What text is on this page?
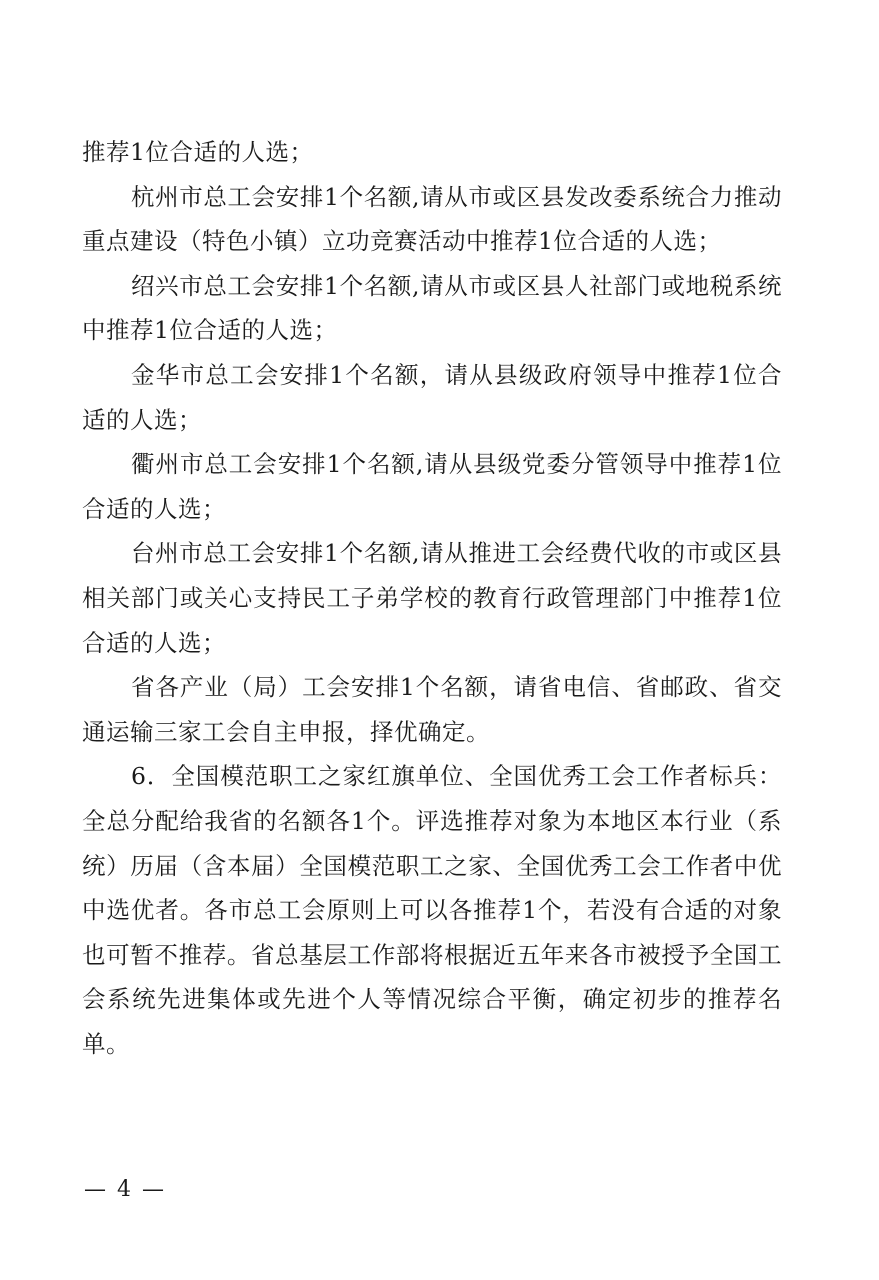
推荐1位合适的人选；

杭州市总工会安排1个名额,请从市或区县发改委系统合力推动重点建设（特色小镇）立功竞赛活动中推荐1位合适的人选；

绍兴市总工会安排1个名额,请从市或区县人社部门或地税系统中推荐1位合适的人选；

金华市总工会安排1个名额，请从县级政府领导中推荐1位合适的人选；

衢州市总工会安排1个名额,请从县级党委分管领导中推荐1位合适的人选；

台州市总工会安排1个名额,请从推进工会经费代收的市或区县相关部门或关心支持民工子弟学校的教育行政管理部门中推荐1位合适的人选；

省各产业（局）工会安排1个名额，请省电信、省邮政、省交通运输三家工会自主申报，择优确定。

6．全国模范职工之家红旗单位、全国优秀工会工作者标兵：全总分配给我省的名额各1个。评选推荐对象为本地区本行业（系统）历届（含本届）全国模范职工之家、全国优秀工会工作者中优中选优者。各市总工会原则上可以各推荐1个，若没有合适的对象也可暂不推荐。省总基层工作部将根据近五年来各市被授予全国工会系统先进集体或先进个人等情况综合平衡，确定初步的推荐名单。

— 4 —
